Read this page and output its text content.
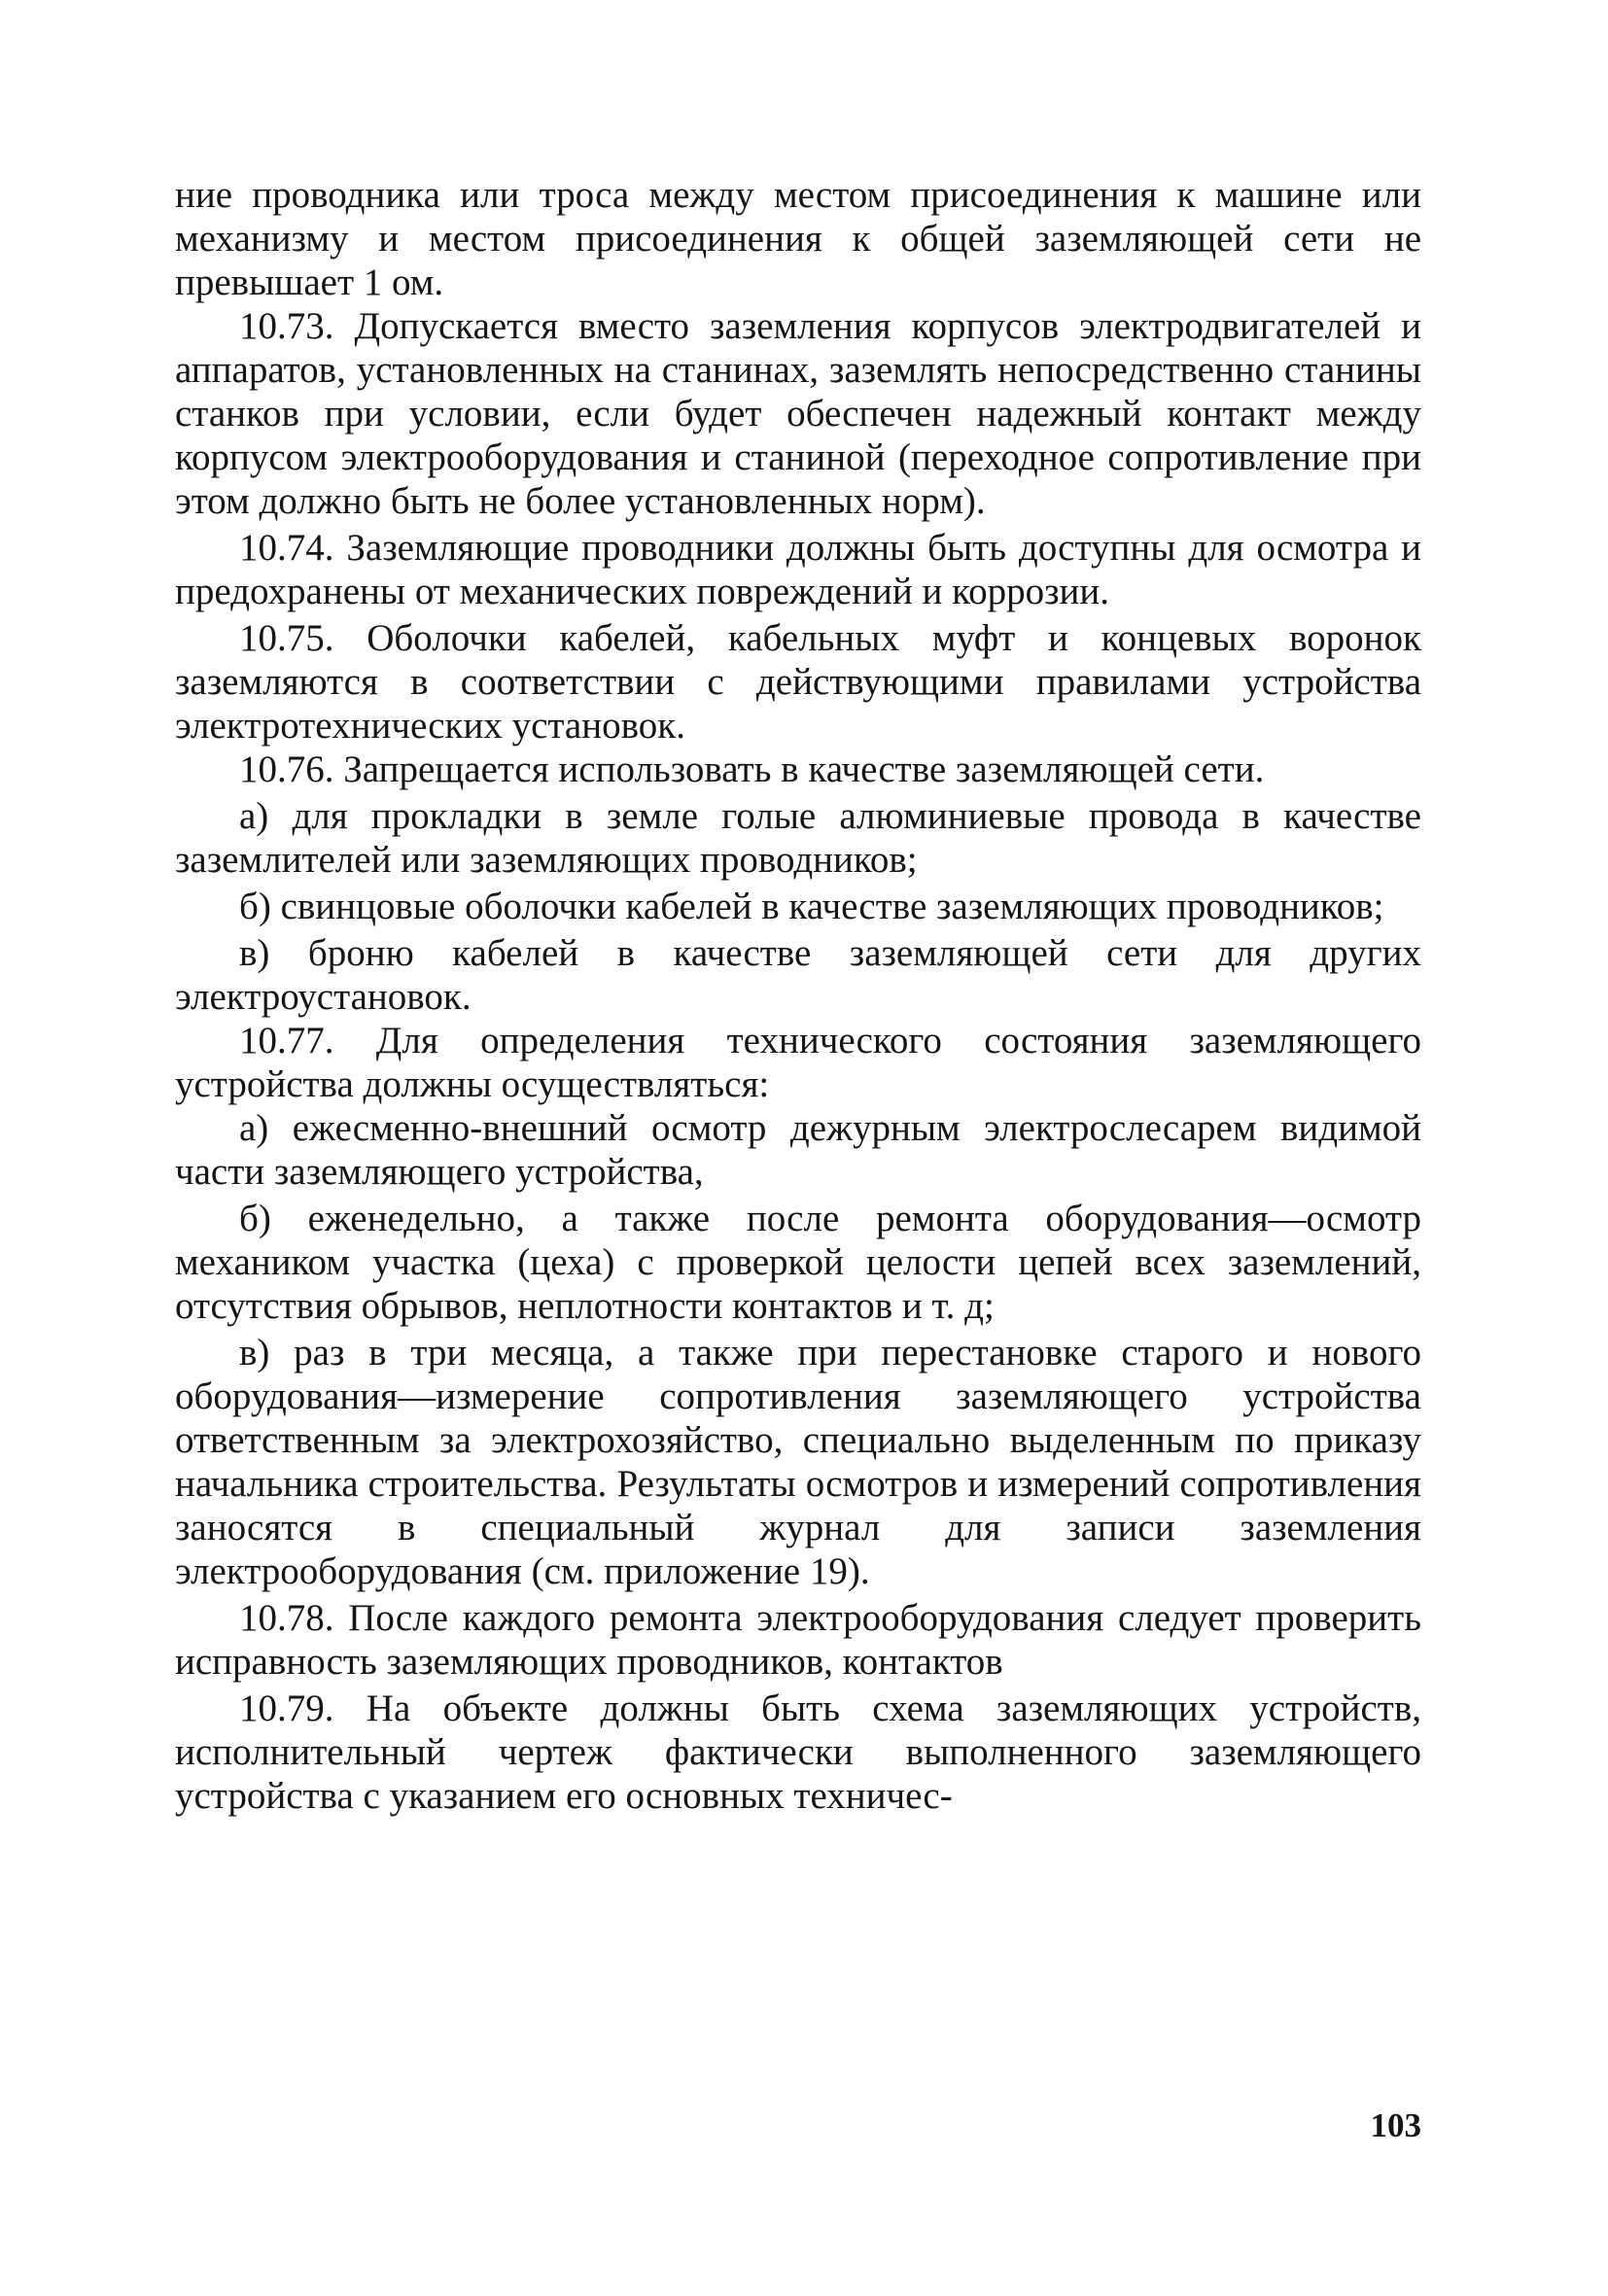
ние проводника или троса между местом присоединения к машине или механизму и местом присоединения к общей заземляющей сети не превышает 1 ом.

10.73. Допускается вместо заземления корпусов электродвигателей и аппаратов, установленных на станинах, заземлять непосредственно станины станков при условии, если будет обеспечен надежный контакт между корпусом электрооборудования и станиной (переходное сопротивление при этом должно быть не более установленных норм).

10.74. Заземляющие проводники должны быть доступны для осмотра и предохранены от механических повреждений и коррозии.

10.75. Оболочки кабелей, кабельных муфт и концевых воронок заземляются в соответствии с действующими правилами устройства электротехнических установок.

10.76. Запрещается использовать в качестве заземляющей сети.

а) для прокладки в земле голые алюминиевые провода в качестве заземлителей или заземляющих проводников;

б) свинцовые оболочки кабелей в качестве заземляющих проводников;

в) броню кабелей в качестве заземляющей сети для других электроустановок.

10.77. Для определения технического состояния заземляющего устройства должны осуществляться:

а) ежесменно-внешний осмотр дежурным электрослесарем видимой части заземляющего устройства,

б) еженедельно, а также после ремонта оборудования—осмотр механиком участка (цеха) с проверкой целости цепей всех заземлений, отсутствия обрывов, неплотности контактов и т. д;

в) раз в три месяца, а также при перестановке старого и нового оборудования—измерение сопротивления заземляющего устройства ответственным за электрохозяйство, специально выделенным по приказу начальника строительства. Результаты осмотров и измерений сопротивления заносятся в специальный журнал для записи заземления электрооборудования (см. приложение 19).

10.78. После каждого ремонта электрооборудования следует проверить исправность заземляющих проводников, контактов

10.79. На объекте должны быть схема заземляющих устройств, исполнительный чертеж фактически выполненного заземляющего устройства с указанием его основных техничес-

103
